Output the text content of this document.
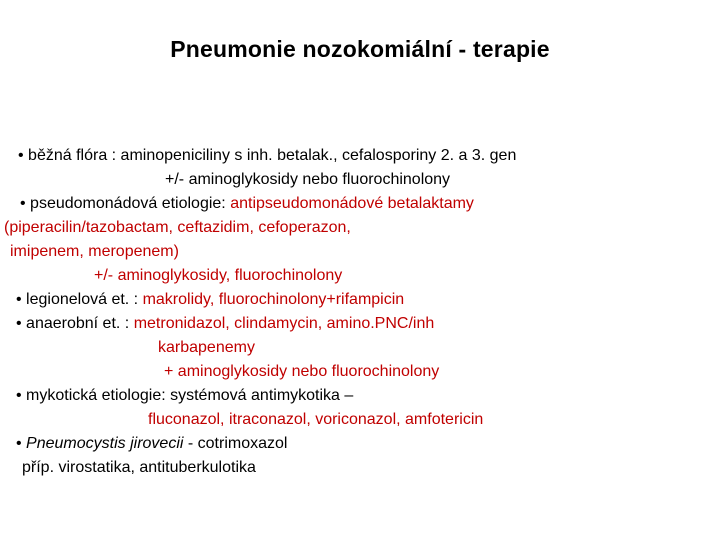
Pneumonie nozokomiální - terapie
• běžná flóra : aminopeniciliny s inh. betalak., cefalosporiny 2. a 3. gen
+/- aminoglykosidy nebo fluorochinolony
• pseudomonádová etiologie: antipseudomonádové betalaktamy
(piperacilin/tazobactam, ceftazidim, cefoperazon,
imipenem, meropenem)
+/- aminoglykosidy, fluorochinolony
• legionelová et. : makrolidy, fluorochinolony+rifampicin
• anaerobní et. : metronidazol, clindamycin, amino.PNC/inh
karbapenemy
+ aminoglykosidy nebo fluorochinolony
• mykotická etiologie: systémová antimykotika –
fluconazol, itraconazol, voriconazol, amfotericin
• Pneumocystis jirovecii - cotrimoxazol
příp. virostatika, antituberkulotika
